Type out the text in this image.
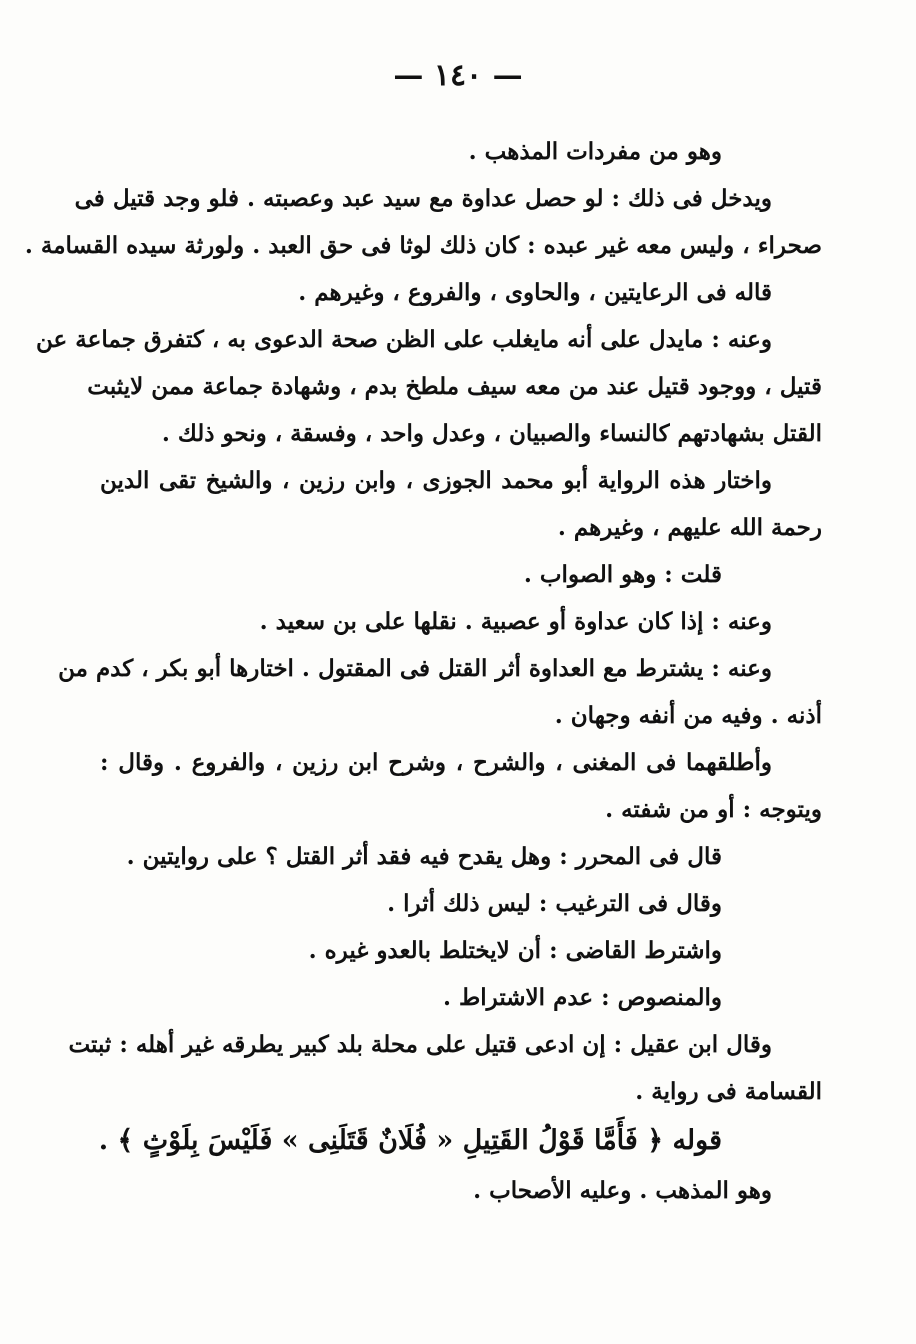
— ١٤٠ —
وهو من مفردات المذهب .
ويدخل فى ذلك : لو حصل عداوة مع سيد عبد وعصبته . فلو وجد قتيل فى
صحراء ، وليس معه غير عبده : كان ذلك لوثا فى حق العبد . ولورثة سيده القسامة .
قاله فى الرعايتين ، والحاوى ، والفروع ، وغيرهم .
وعنه : مايدل على أنه مايغلب على الظن صحة الدعوى به ، كتفرق جماعة عن
قتيل ، ووجود قتيل عند من معه سيف ملطخ بدم ، وشهادة جماعة ممن لايثبت
القتل بشهادتهم كالنساء والصبيان ، وعدل واحد ، وفسقة ، ونحو ذلك .
واختار هذه الرواية أبو محمد الجوزى ، وابن رزين ، والشيخ تقى الدين
رحمة الله عليهم ، وغيرهم .
قلت : وهو الصواب .
وعنه : إذا كان عداوة أو عصبية . نقلها على بن سعيد .
وعنه : يشترط مع العداوة أثر القتل فى المقتول . اختارها أبو بكر ، كدم من
أذنه . وفيه من أنفه وجهان .
وأطلقهما فى المغنى ، والشرح ، وشرح ابن رزين ، والفروع . وقال :
ويتوجه : أو من شفته .
قال فى المحرر : وهل يقدح فيه فقد أثر القتل ؟ على روايتين .
وقال فى الترغيب : ليس ذلك أثرا .
واشترط القاضى : أن لايختلط بالعدو غيره .
والمنصوص : عدم الاشتراط .
وقال ابن عقيل : إن ادعى قتيل على محلة بلد كبير يطرقه غير أهله : ثبتت
القسامة فى رواية .
قوله ﴿ فَأَمَّا قَوْلُ القَتِيلِ « فُلَانٌ قَتَلَنِى » فَلَيْسَ بِلَوْثٍ ﴾ .
وهو المذهب . وعليه الأصحاب .
